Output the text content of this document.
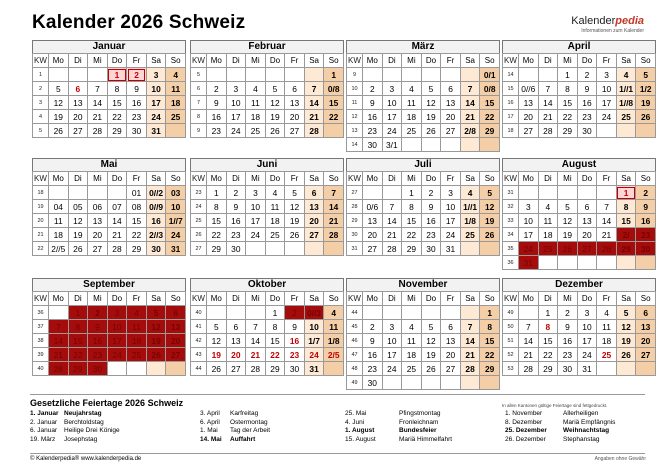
Kalender 2026 Schweiz	Kalenderpedia
Informationen zum Kalender
Januar
KW	Mo	Di	Mi	Do	Fr	Sa	So
1				1	2	3	4
2	5	6	7	8	9	10	11
3	12	13	14	15	16	17	18
4	19	20	21	22	23	24	25
5	26	27	28	29	30	31	
Februar
KW	Mo	Di	Mi	Do	Fr	Sa	So
5							1
6	2	3	4	5	6	7	0/8
7	9	10	11	12	13	14	15
8	16	17	18	19	20	21	22
9	23	24	25	26	27	28	
März
KW	Mo	Di	Mi	Do	Fr	Sa	So
9							0/1
10	2	3	4	5	6	7	0/8
11	9	10	11	12	13	14	15
12	16	17	18	19	20	21	22
13	23	24	25	26	27	2/8	29
14	30	3/1					
April
KW	Mo	Di	Mi	Do	Fr	Sa	So
14			1	2	3	4	5
15	0//6	7	8	9	10	1//1	1/2
16	13	14	15	16	17	1//8	19
17	20	21	22	23	24	25	26
18	27	28	29	30			
Mai
KW	Mo	Di	Mi	Do	Fr	Sa	So
18					01	0//2	03
19	04	05	06	07	08	0//9	10
20	11	12	13	14	15	16	1//7
21	18	19	20	21	22	2//3	24
22	2//5	26	27	28	29	30	31
Juni
KW	Mo	Di	Mi	Do	Fr	Sa	So
23	1	2	3	4	5	6	7
24	8	9	10	11	12	13	14
25	15	16	17	18	19	20	21
26	22	23	24	25	26	27	28
27	29	30					
Juli
KW	Mo	Di	Mi	Do	Fr	Sa	So
27			1	2	3	4	5
28	0/6	7	8	9	10	1//1	12
29	13	14	15	16	17	1/8	19
30	20	21	22	23	24	25	26
31	27	28	29	30	31		
August
KW	Mo	Di	Mi	Do	Fr	Sa	So
31						1	2
32	3	4	5	6	7	8	9
33	10	11	12	13	14	15	16
34	17	18	19	20	21	2/	23
35	24	25	26	27	28	29	30
36	31						
September
KW	Mo	Di	Mi	Do	Fr	Sa	So
36		1	2	3	4	5	6
37	7	8	9	10	11	12	13
38	14	15	16	17	18	19	20
39	21	22	23	24	25	26	27
40	28	29	30				
Oktober
KW	Mo	Di	Mi	Do	Fr	Sa	So
40				1	2	0//3	4
41	5	6	7	8	9	10	11
42	12	13	14	15	16	1/7	1/8
43	19	20	21	22	23	24	2/5
44	26	27	28	29	30	31	
November
KW	Mo	Di	Mi	Do	Fr	Sa	So
44							1
45	2	3	4	5	6	7	8
46	9	10	11	12	13	14	15
47	16	17	18	19	20	21	22
48	23	24	25	26	27	28	29
49	30						
Dezember
KW	Mo	Di	Mi	Do	Fr	Sa	So
49		1	2	3	4	5	6
50	7	8	9	10	11	12	13
51	14	15	16	17	18	19	20
52	21	22	23	24	25	26	27
53	28	29	30	31			
Gesetzliche Feiertage 2026 Schweiz	In allen Kantonen gültige Feiertage sind fettgedruckt.
1. Januar Neujahrstag
2. Januar Berchtoldstag
6. Januar Heilige Drei Könige
19. März Josephstag
3. April Karfreitag
6. April Ostermontag
1. Mai Tag der Arbeit
14. Mai Auffahrt
25. Mai	Pfingstmontag
4. Juni	Fronleichnam
1. August	Bundesfeier
15. August	Mariä Himmelfahrt
1. November	Allerheiligen
8. Dezember	Mariä Empfängnis
25. Dezember Weihnachtstag
26. Dezember	Stephanstag
© Kalenderpedia® www.kalenderpedia.de	Angaben ohne Gewähr
